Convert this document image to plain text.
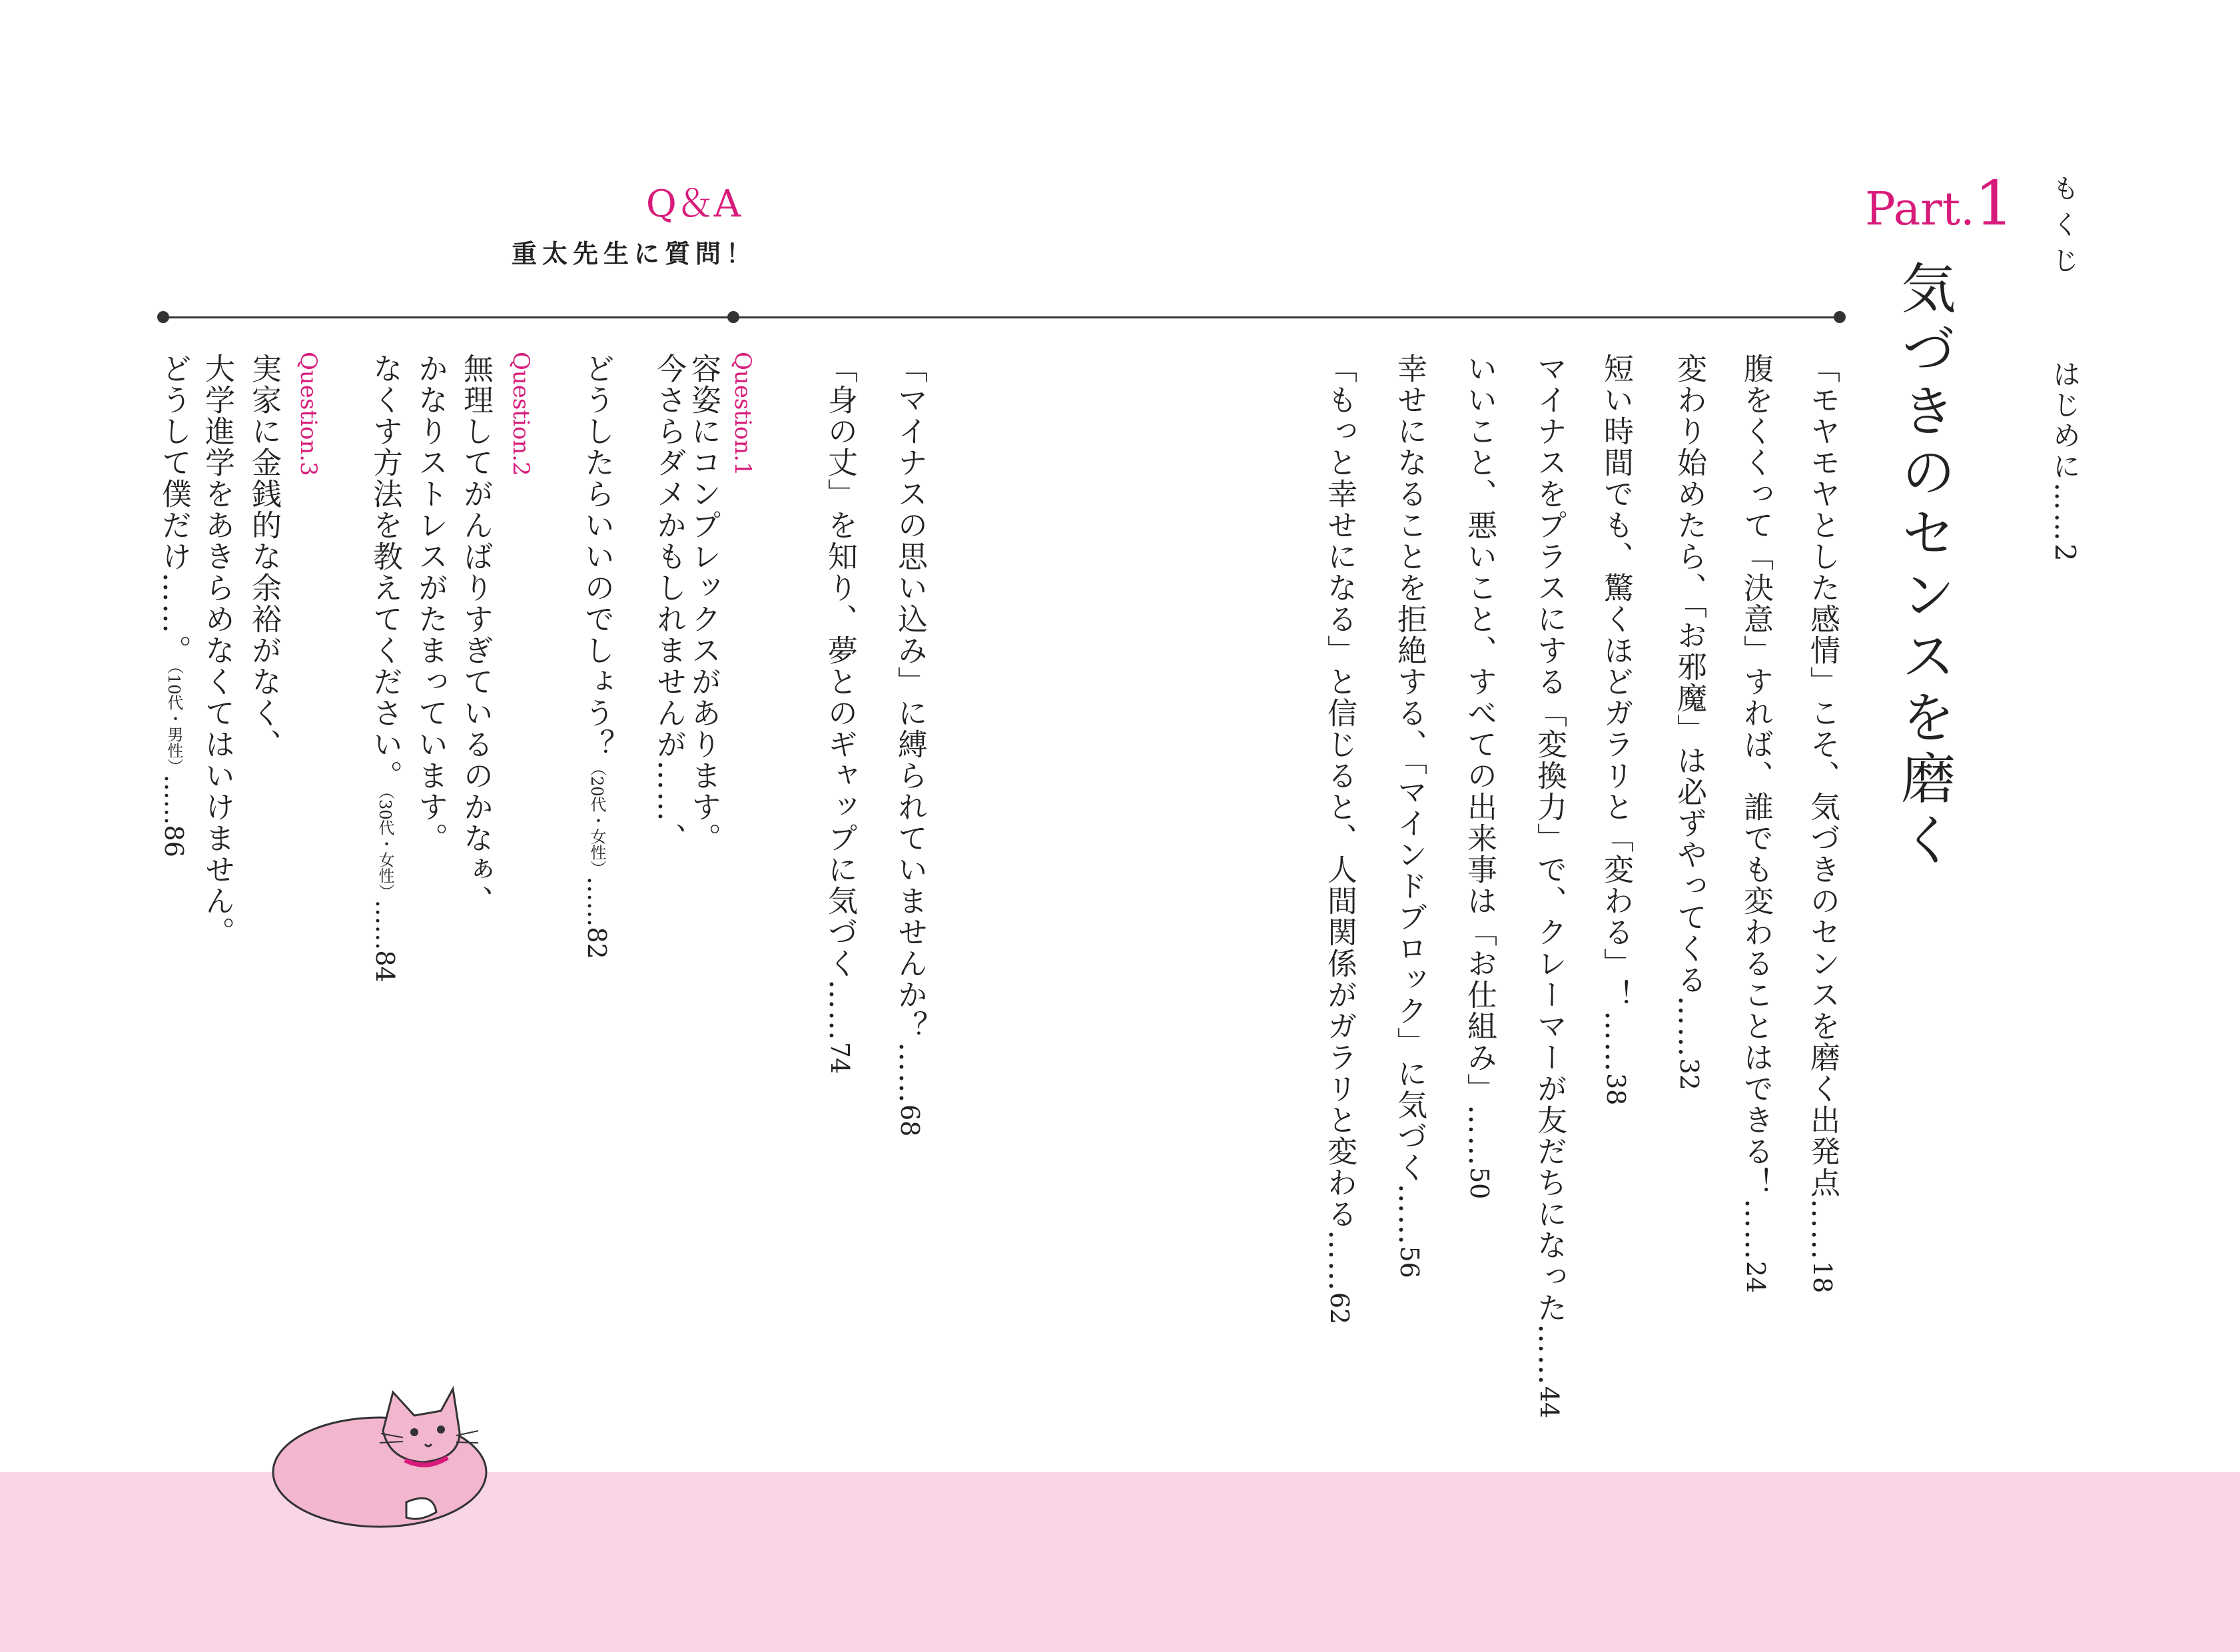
もくじ
はじめに……2
Part.1
気づきのセンスを磨く
Q＆A
重太先生に質問！
「モヤモヤとした感情」こそ、気づきのセンスを磨く出発点……18
腹をくくって「決意」すれば、誰でも変わることはできる！……24
変わり始めたら、「お邪魔」は必ずやってくる……32
短い時間でも、驚くほどガラリと「変わる」！……38
マイナスをプラスにする「変換力」で、クレーマーが友だちになった……44
いいこと、悪いこと、すべての出来事は「お仕組み」……50
幸せになることを拒絶する、「マインドブロック」に気づく……56
「もっと幸せになる」と信じると、人間関係がガラリと変わる……62
「マイナスの思い込み」に縛られていませんか？……68
「身の丈」を知り、夢とのギャップに気づく……74
Question.1
容姿にコンプレックスがあります。
今さらダメかもしれませんが……、
どうしたらいいのでしょう？（20代・女性）……82
Question.2
無理してがんばりすぎているのかなぁ、
かなりストレスがたまっています。
なくす方法を教えてください。（30代・女性）……84
Question.3
実家に金銭的な余裕がなく、
大学進学をあきらめなくてはいけません。
どうして僕だけ……。（10代・男性）……86
